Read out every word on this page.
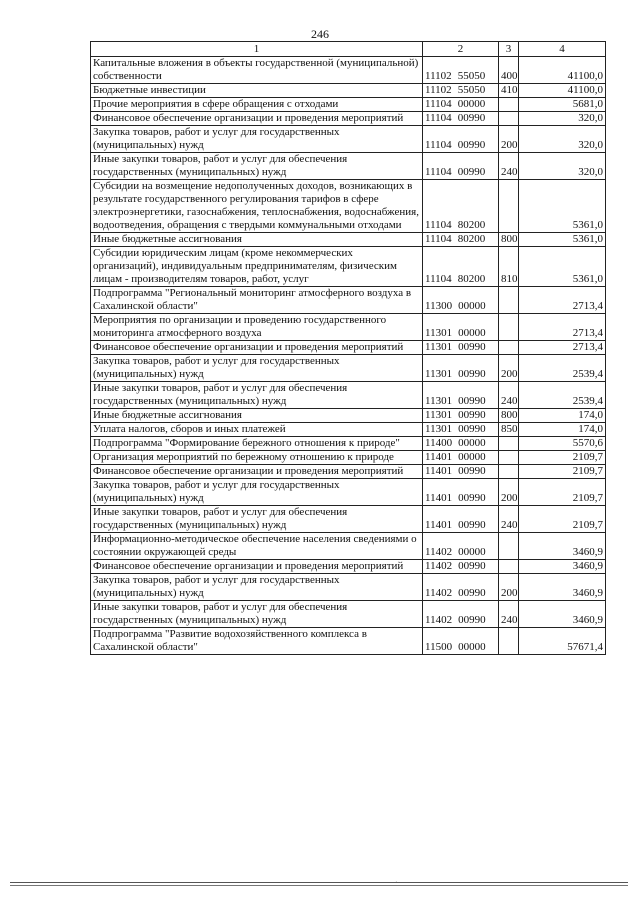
246
1	2	3	4
Капитальные вложения в объекты государственной (муниципальной) собственности	11102 55050	400	41100,0
Бюджетные инвестиции	11102 55050	410	41100,0
Прочие мероприятия в сфере обращения с отходами	11104 00000		5681,0
Финансовое обеспечение организации и проведения мероприятий	11104 00990		320,0
Закупка товаров, работ и услуг для государственных (муниципальных) нужд	11104 00990	200	320,0
Иные закупки товаров, работ и услуг для обеспечения государственных (муниципальных) нужд	11104 00990	240	320,0
Субсидии на возмещение недополученных доходов, возникающих в результате государственного регулирования тарифов в сфере электроэнергетики, газоснабжения, теплоснабжения, водоснабжения, водоотведения, обращения с твердыми коммунальными отходами	11104 80200		5361,0
Иные бюджетные ассигнования	11104 80200	800	5361,0
Субсидии юридическим лицам (кроме некоммерческих организаций), индивидуальным предпринимателям, физическим лицам - производителям товаров, работ, услуг	11104 80200	810	5361,0
Подпрограмма "Региональный мониторинг атмосферного воздуха в Сахалинской области"	11300 00000		2713,4
Мероприятия по организации и проведению государственного мониторинга атмосферного воздуха	11301 00000		2713,4
Финансовое обеспечение организации и проведения мероприятий	11301 00990		2713,4
Закупка товаров, работ и услуг для государственных (муниципальных) нужд	11301 00990	200	2539,4
Иные закупки товаров, работ и услуг для обеспечения государственных (муниципальных) нужд	11301 00990	240	2539,4
Иные бюджетные ассигнования	11301 00990	800	174,0
Уплата налогов, сборов и иных платежей	11301 00990	850	174,0
Подпрограмма "Формирование бережного отношения к природе"	11400 00000		5570,6
Организация мероприятий по бережному отношению к природе	11401 00000		2109,7
Финансовое обеспечение организации и проведения мероприятий	11401 00990		2109,7
Закупка товаров, работ и услуг для государственных (муниципальных) нужд	11401 00990	200	2109,7
Иные закупки товаров, работ и услуг для обеспечения государственных (муниципальных) нужд	11401 00990	240	2109,7
Информационно-методическое обеспечение населения сведениями о состоянии окружающей среды	11402 00000		3460,9
Финансовое обеспечение организации и проведения мероприятий	11402 00990		3460,9
Закупка товаров, работ и услуг для государственных (муниципальных) нужд	11402 00990	200	3460,9
Иные закупки товаров, работ и услуг для обеспечения государственных (муниципальных) нужд	11402 00990	240	3460,9
Подпрограмма "Развитие водохозяйственного комплекса в Сахалинской области"	11500 00000		57671,4
·
